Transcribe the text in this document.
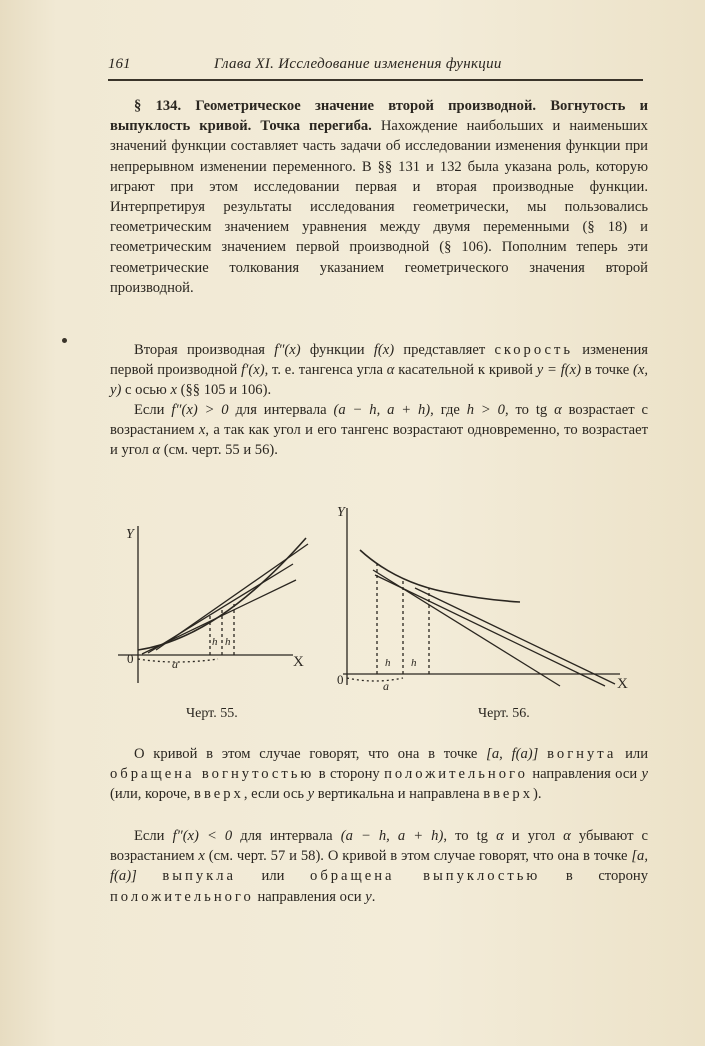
161	Глава XI. Исследование изменения функции
§ 134. Геометрическое значение второй производной. Вогнутость и выпуклость кривой. Точка перегиба. Нахождение наибольших и наименьших значений функции составляет часть задачи об исследовании изменения функции при непрерывном изменении переменного. В §§ 131 и 132 была указана роль, которую играют при этом исследовании первая и вторая производные функции. Интерпретируя результаты исследования геометрически, мы пользовались геометрическим значением уравнения между двумя переменными (§ 18) и геометрическим значением первой производной (§ 106). Пополним теперь эти геометрические толкования указанием геометрического значения второй производной.
Вторая производная f″(x) функции f(x) представляет скорость изменения первой производной f′(x), т. е. тангенса угла α касательной к кривой y = f(x) в точке (x, y) с осью x (§§ 105 и 106).
Если f″(x) > 0 для интервала (a − h, a + h), где h > 0, то tg α возрастает с возрастанием x, а так как угол и его тангенс возрастают одновременно, то возрастает и угол α (см. черт. 55 и 56).
Y
X
0	a
h h
Y
X
0	a
h h
Черт. 55.	Черт. 56.
О кривой в этом случае говорят, что она в точке [a, f(a)] вогнута или обращена вогнутостью в сторону положительного направления оси y (или, короче, вверх, если ось y вертикальна и направлена вверх).
Если f″(x) < 0 для интервала (a − h, a + h), то tg α и угол α убывают с возрастанием x (см. черт. 57 и 58). О кривой в этом случае говорят, что она в точке [a, f(a)] выпукла или обращена выпуклостью в сторону положительного направления оси y.
